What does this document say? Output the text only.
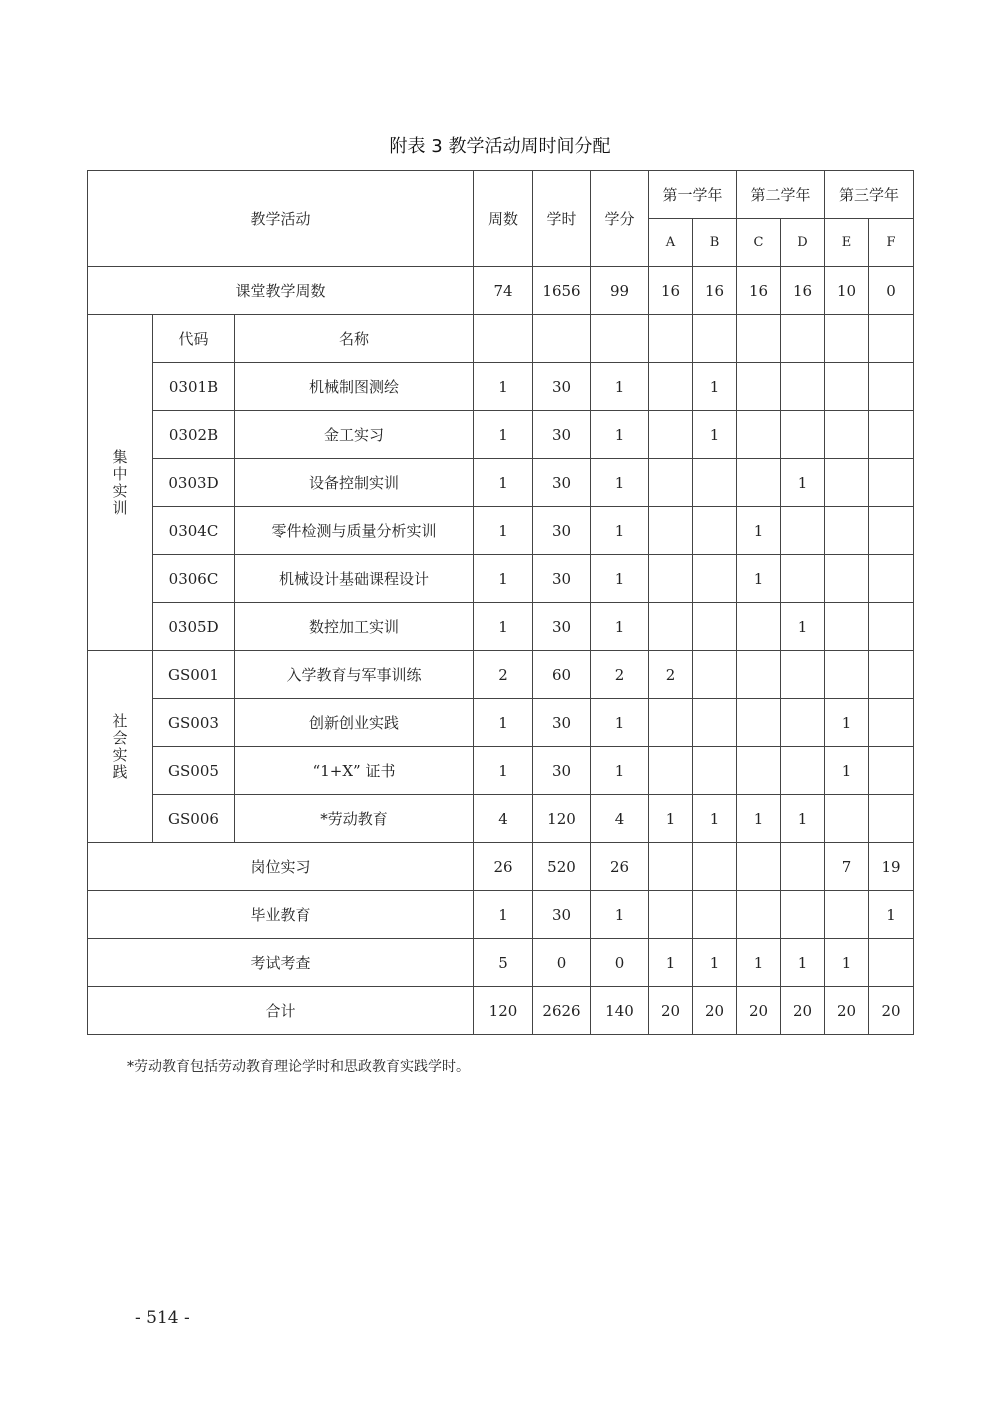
附表 3 教学活动周时间分配
教学活动			周数	学时	学分	第一学年		第二学年		第三学年	
						A	B	C	D	E	F
课堂教学周数			74	1656	99	16	16	16	16	10	0
集中实训	代码	名称									
	0301B	机械制图测绘	1	30	1		1				
	0302B	金工实习	1	30	1		1				
	0303D	设备控制实训	1	30	1				1		
	0304C	零件检测与质量分析实训	1	30	1			1			
	0306C	机械设计基础课程设计	1	30	1			1			
	0305D	数控加工实训	1	30	1				1		
社会实践	GS001	入学教育与军事训练	2	60	2	2					
	GS003	创新创业实践	1	30	1					1	
	GS005	“1+X” 证书	1	30	1					1	
	GS006	*劳动教育	4	120	4	1	1	1	1		
岗位实习			26	520	26					7	19
毕业教育			1	30	1						1
考试考查			5	0	0	1	1	1	1	1	
合计			120	2626	140	20	20	20	20	20	20
*劳动教育包括劳动教育理论学时和思政教育实践学时。
- 514 -
